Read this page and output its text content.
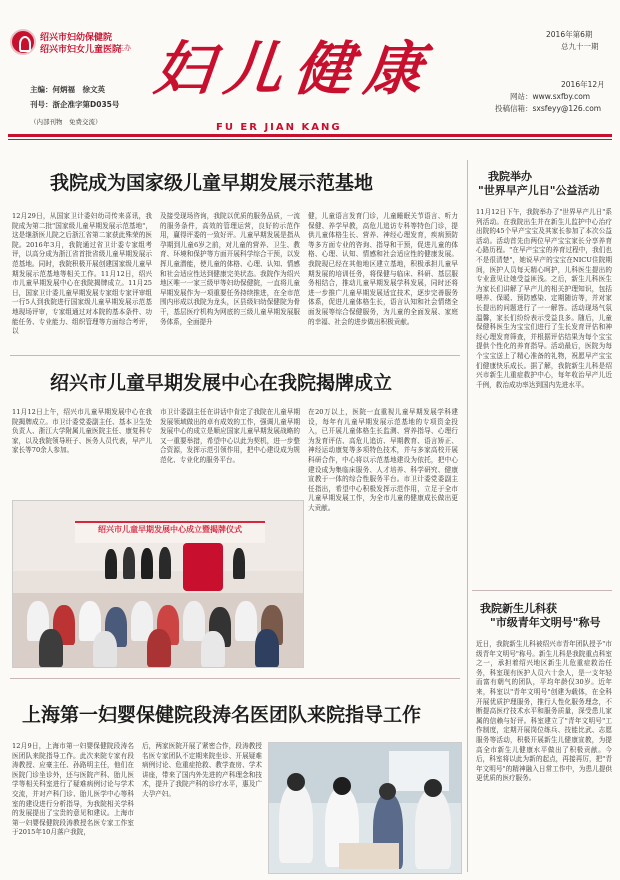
绍兴市妇幼保健院
绍兴市妇女儿童医院
主办 妇儿健康
FU ER JIAN KANG
主编：何炳福　徐文英
刊号：浙企准字第D035号
（内部刊物　免费交流）
2016年第6期
总九十一期
2016年12月
网站：www.sxfby.com
投稿信箱：sxsfeyy@126.com
我院成为国家级儿童早期发展示范基地
12月29日，从国家卫计委妇幼司传来喜讯，我院成为第二批"国家级儿童早期发展示范基地"，这是继浙医儿院之后浙江省第二家获此殊荣的医院。2016年3月，我院通过省卫计委专家组考评，以高分成为浙江省首批省级儿童早期发展示范基地。同时，我院积极开展创建国家级儿童早期发展示范基地等相关工作。11月12日，绍兴市儿童早期发展中心在我院揭牌成立。11月25日，国家卫计委儿童早期发展专家组专家评审组一行5人到我院进行国家级儿童早期发展示范基地现场评审，专家组通过对本院的基本条件、功能任务、专业能力、组织管理等方面综合考评，以
及接受现场咨询，我院以优质的服务品质，一流的服务条件，高效的管理运营，良好的示范作用，赢得评委的一致好评。儿童早期发展是指从孕期到儿童6岁之前，对儿童的营养、卫生、教育、环境和保护等方面开展科学综合干预，以发挥儿童潜能，使儿童的体格、心理、认知、情感和社会适应性达到健康完美状态。我院作为绍兴地区唯一一家三级甲等妇幼保健院，一直将儿童早期发展作为一项重要任务持续推进，在全市范围内形成以我院为龙头，区县级妇幼保健院为骨干，基层医疗机构为网底的三级儿童早期发展服务体系，全面提升
健，儿童语言发育门诊，儿童睡眠关节语言、听力保健、养学早教，高危儿追访专科等特色门诊，提供儿童体格生长、营养、神经心理发育，疾病预防等多方面专业的咨询、指导和干预，促进儿童的体格、心理、认知、情感和社会适应性的健康发展。我院现已经在其他地区建立基地，积极承担儿童早期发展的培训任务，将保健与临床、科研、基层服务相结合，推动儿童早期发展学科发展，同时还将进一步推广儿童早期发展适宜技术，逐步完善服务体系，促进儿童体格生长，语言认知和社会情绪全面发展等综合保健服务，为儿童的全面发展、家庭的幸福、社会的进步做出积极贡献。
绍兴市儿童早期发展中心在我院揭牌成立
11月12日上午，绍兴市儿童早期发展中心在我院揭牌成立。市卫计委党委副主任、基本卫生处负责人、浙江大学附属儿童医院主任、康复科专家，以及我院领导班子、医务人员代表，早产儿家长等70余人参加。
市卫计委副主任在讲话中肯定了我院在儿童早期发展领域做出的卓有成效的工作，强调儿童早期发展中心的成立是顺应国家儿童早期发展战略的又一重要举措，希望中心以此为契机，进一步整合资源，发挥示范引领作用，把中心建设成为规范化、专业化的服务平台。
在20万以上，医院一直重视儿童早期发展学科建设，每年有儿童早期发展示范基地的专项资金投入，已开展儿童体格生长监测、营养指导、心理行为发育评估、高危儿追访、早期教育、语言矫正、神经运动康复等多项特色技术，并与多家高校开展科研合作，中心将以示范基地建设为依托，把中心建设成为集临床服务、人才培养、科学研究、健康宣教于一体的综合性服务平台。市卫计委党委副主任指出，希望中心积极发挥示范作用，立足于全市儿童早期发展工作，为全市儿童的健康成长做出更大贡献。
绍兴市儿童早期发展中心成立暨揭牌仪式
上海第一妇婴保健院段涛名医团队来院指导工作
12月9日，上海市第一妇婴保健院段涛名医团队来院指导工作。此次来院专家有段涛教授、应豪主任、孙路明主任，他们在医院门诊坐诊外，还与医院产科、胎儿医学等相关科室进行了疑难病例讨论与学术交流，并对产科门诊、胎儿医学中心等科室的建设进行分析指导，为我院相关学科的发展提出了宝贵的意见和建议。上海市第一妇婴保健院段涛教授名医专家工作室于2015年10月落户我院，
后，两家医院开展了紧密合作，段涛教授名医专家团队不定期来院坐诊、开展疑难病例讨论、危重症抢救、教学查房、学术讲座，带来了国内外先进的产科理念和技术，提升了我院产科的诊疗水平，惠及广大孕产妇。
我院举办
"世界早产儿日"公益活动
11月12日下午，我院举办了"世界早产儿日"系列活动。在我院出生并在新生儿监护中心治疗出院的45个早产宝宝及其家长参加了本次公益活动。活动首先由两位早产宝宝家长分享养育心路历程。"在早产宝宝的养育过程中，我们也不是很清楚"，她说早产的宝宝在NICU住院期间，医护人员每天精心呵护，儿科医生提出的专业意见让她受益匪浅。之后，新生儿科医生为家长们讲解了早产儿的相关护理知识，包括喂养、保暖、预防感染、定期随访等，并对家长提出的问题进行了一一解答。活动现场气氛温馨，家长们纷纷表示受益良多。随后，儿童保健科医生为宝宝们进行了生长发育评估和神经心理发育筛查，并根据评估结果为每个宝宝提供个性化的养育指导。活动最后，医院为每个宝宝送上了精心准备的礼物，祝愿早产宝宝们健康快乐成长。据了解，我院新生儿科是绍兴市新生儿重症救护中心，每年收治早产儿近千例，救治成功率达到国内先进水平。
我院新生儿科获
"市级青年文明号"称号
近日，我院新生儿科被绍兴市青年团队授予"市级青年文明号"称号。新生儿科是我院重点科室之一，承担着绍兴地区新生儿危重症救治任务，科室现有医护人员六十余人，是一支年轻而富有朝气的团队，平均年龄仅30岁。近年来，科室以"青年文明号"创建为载体，在全科开展优质护理服务，推行人性化服务理念，不断提高医疗技术水平和服务质量，深受患儿家属的信赖与好评。科室建立了"青年文明号"工作制度，定期开展岗位练兵、技能比武、志愿服务等活动，积极开展新生儿健康宣教，为提高全市新生儿健康水平做出了积极贡献。今后，科室将以此为新的起点，再接再厉，把"青年文明号"的精神融入日常工作中，为患儿提供更优质的医疗服务。
